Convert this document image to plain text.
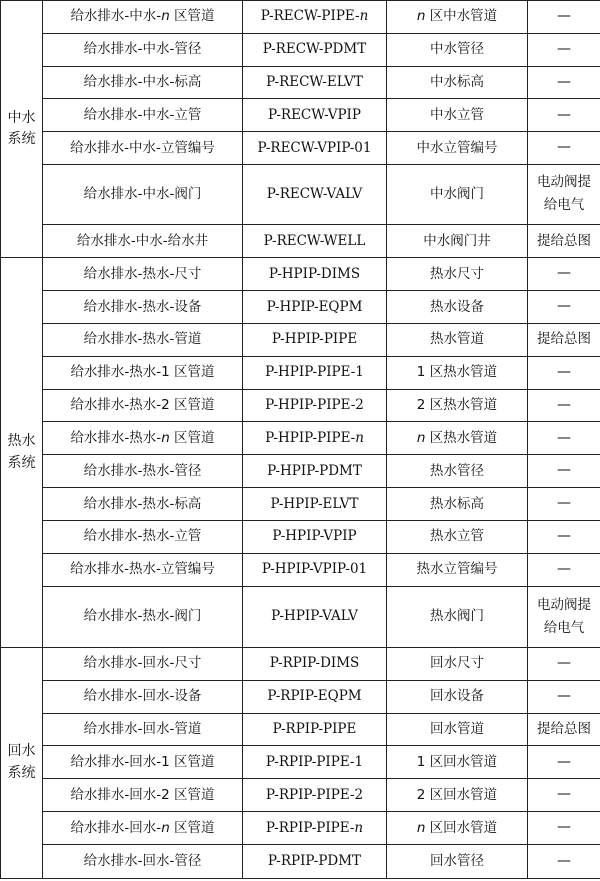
中水
系统	给水排水-中水-n 区管道	P-RECW-PIPE-n	n 区中水管道	—
	给水排水-中水-管径	P-RECW-PDMT	中水管径	—
	给水排水-中水-标高	P-RECW-ELVT	中水标高	—
	给水排水-中水-立管	P-RECW-VPIP	中水立管	—
	给水排水-中水-立管编号	P-RECW-VPIP-01	中水立管编号	—
	给水排水-中水-阀门	P-RECW-VALV	中水阀门	电动阀提
给电气
	给水排水-中水-给水井	P-RECW-WELL	中水阀门井	提给总图
热水
系统	给水排水-热水-尺寸	P-HPIP-DIMS	热水尺寸	—
	给水排水-热水-设备	P-HPIP-EQPM	热水设备	—
	给水排水-热水-管道	P-HPIP-PIPE	热水管道	提给总图
	给水排水-热水-1 区管道	P-HPIP-PIPE-1	1 区热水管道	—
	给水排水-热水-2 区管道	P-HPIP-PIPE-2	2 区热水管道	—
	给水排水-热水-n 区管道	P-HPIP-PIPE-n	n 区热水管道	—
	给水排水-热水-管径	P-HPIP-PDMT	热水管径	—
	给水排水-热水-标高	P-HPIP-ELVT	热水标高	—
	给水排水-热水-立管	P-HPIP-VPIP	热水立管	—
	给水排水-热水-立管编号	P-HPIP-VPIP-01	热水立管编号	—
	给水排水-热水-阀门	P-HPIP-VALV	热水阀门	电动阀提
给电气
回水
系统	给水排水-回水-尺寸	P-RPIP-DIMS	回水尺寸	—
	给水排水-回水-设备	P-RPIP-EQPM	回水设备	—
	给水排水-回水-管道	P-RPIP-PIPE	回水管道	提给总图
	给水排水-回水-1 区管道	P-RPIP-PIPE-1	1 区回水管道	—
	给水排水-回水-2 区管道	P-RPIP-PIPE-2	2 区回水管道	—
	给水排水-回水-n 区管道	P-RPIP-PIPE-n	n 区回水管道	—
	给水排水-回水-管径	P-RPIP-PDMT	回水管径	—
